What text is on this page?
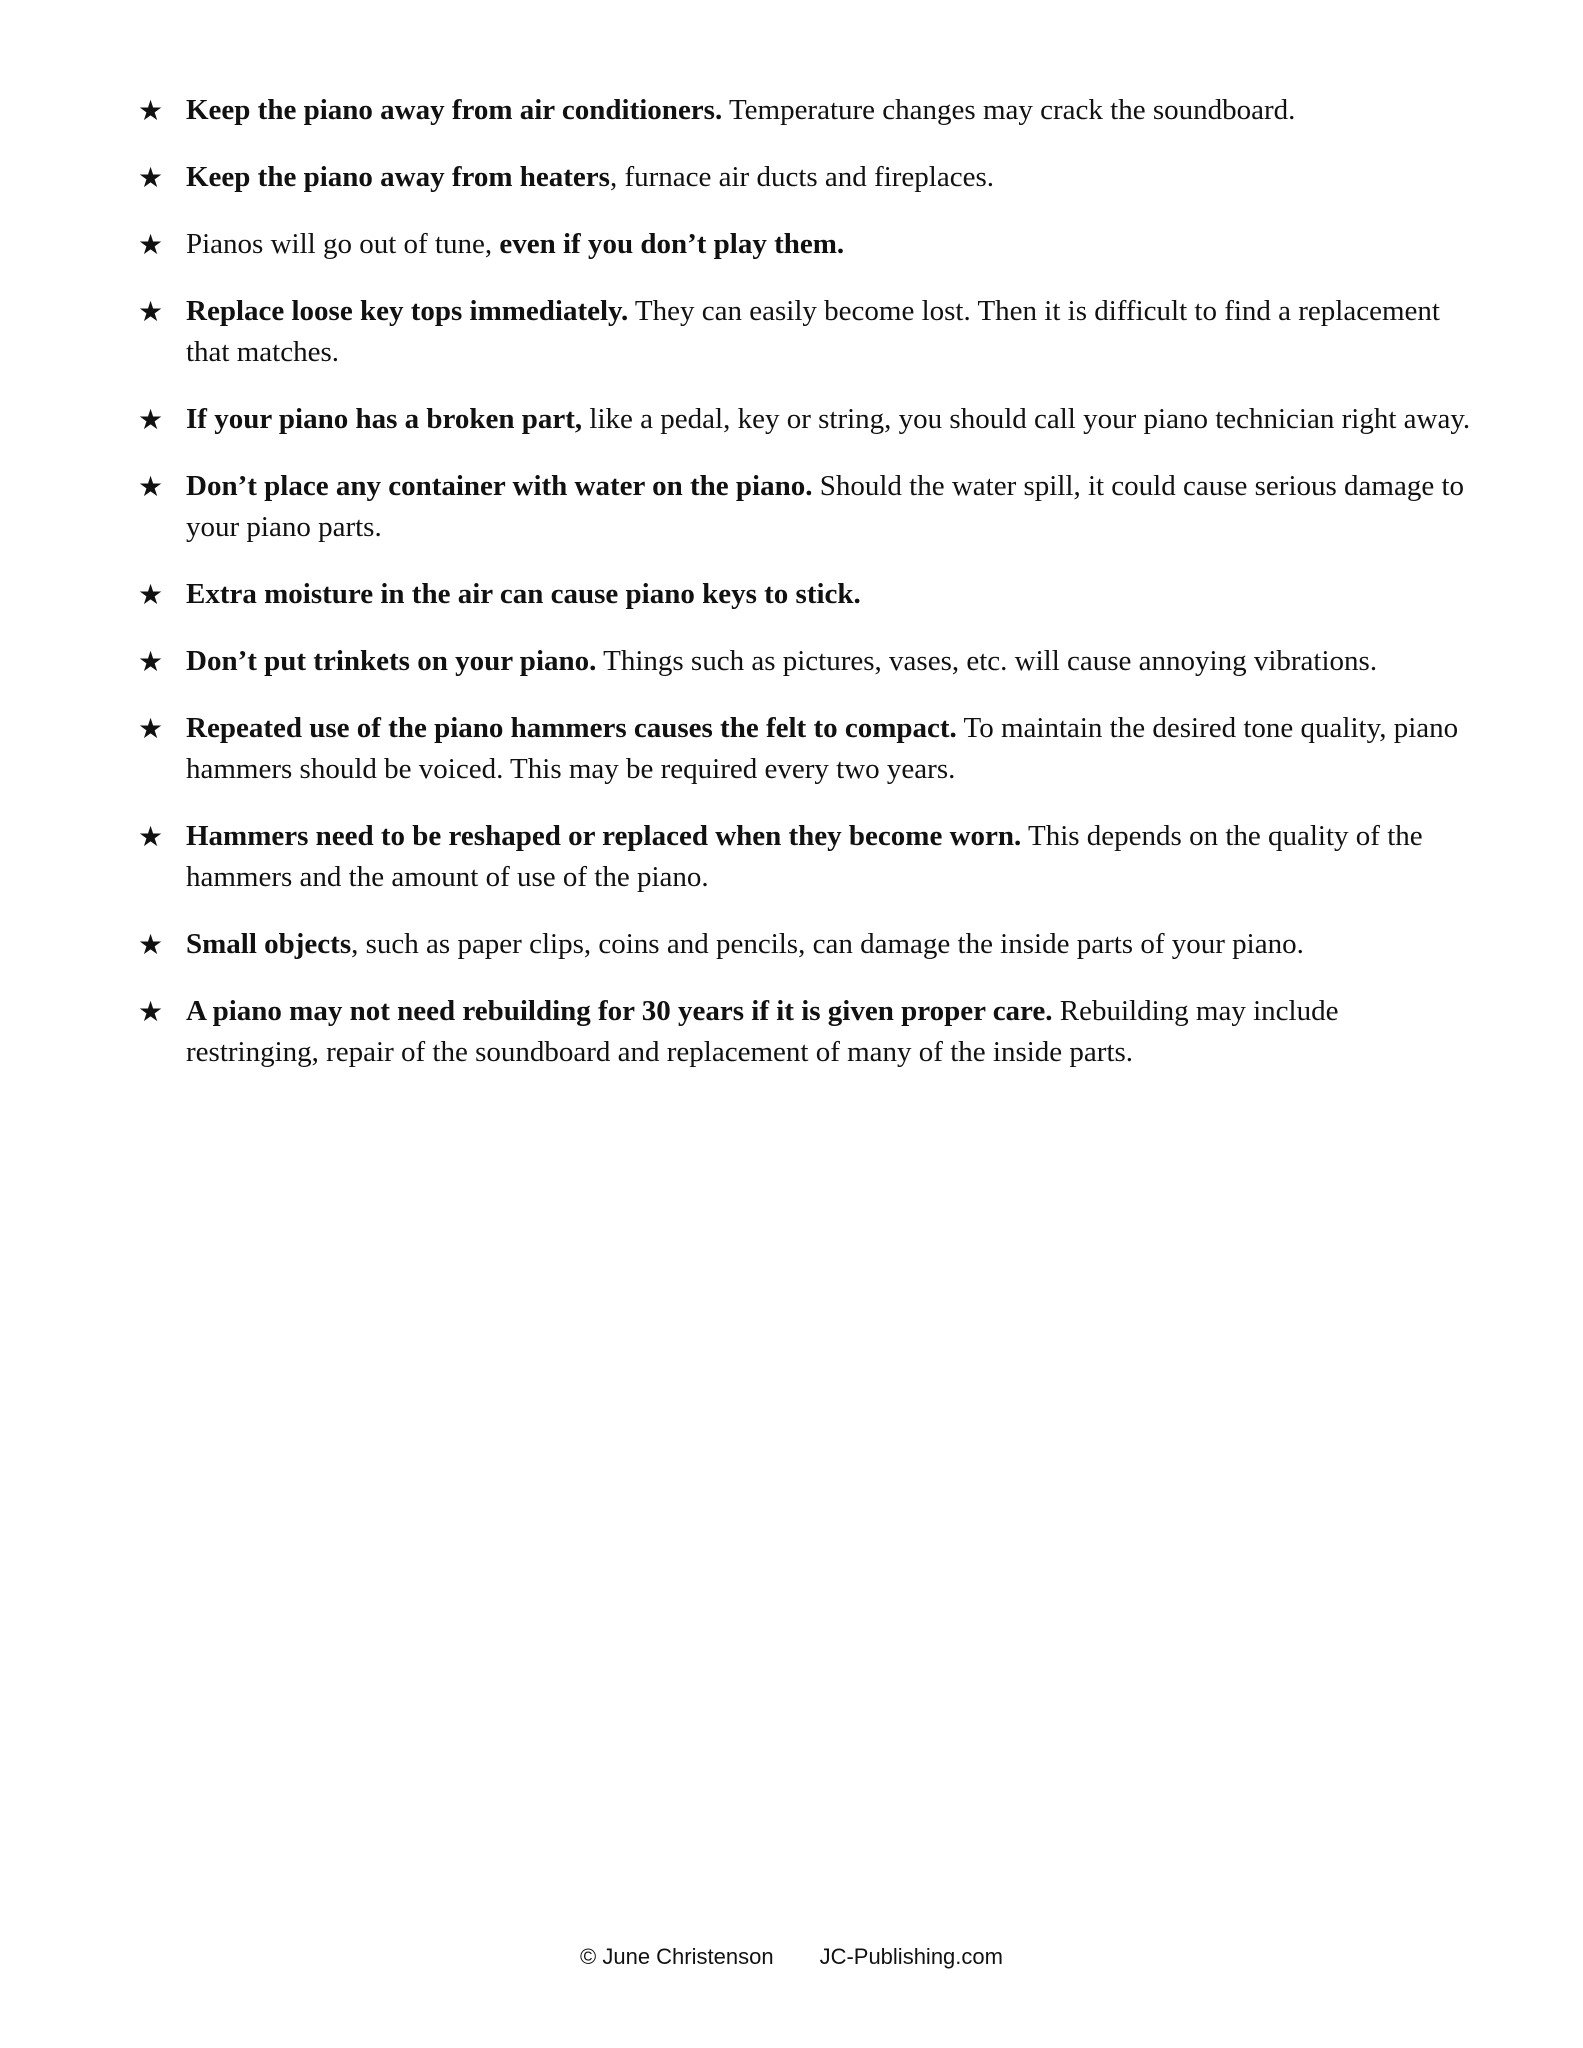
★ Keep the piano away from air conditioners. Temperature changes may crack the soundboard.
★ Keep the piano away from heaters, furnace air ducts and fireplaces.
★ Pianos will go out of tune, even if you don’t play them.
★ Replace loose key tops immediately. They can easily become lost. Then it is difficult to find a replacement that matches.
★ If your piano has a broken part, like a pedal, key or string, you should call your piano technician right away.
★ Don’t place any container with water on the piano. Should the water spill, it could cause serious damage to your piano parts.
★ Extra moisture in the air can cause piano keys to stick.
★ Don’t put trinkets on your piano. Things such as pictures, vases, etc. will cause annoying vibrations.
★ Repeated use of the piano hammers causes the felt to compact. To maintain the desired tone quality, piano hammers should be voiced. This may be required every two years.
★ Hammers need to be reshaped or replaced when they become worn. This depends on the quality of the hammers and the amount of use of the piano.
★ Small objects, such as paper clips, coins and pencils, can damage the inside parts of your piano.
★ A piano may not need rebuilding for 30 years if it is given proper care. Rebuilding may include restringing, repair of the soundboard and replacement of many of the inside parts.
© June Christenson JC-Publishing.com
